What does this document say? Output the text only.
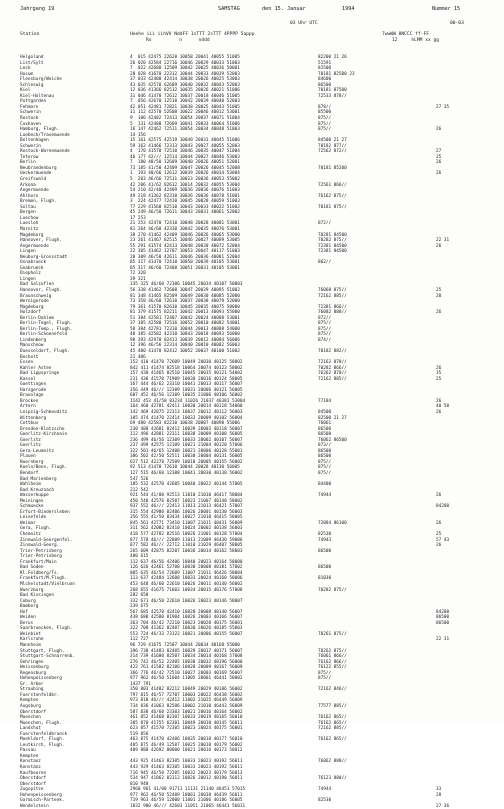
Jahrgang 19	SAMSTAG	den 15. Januar	1994	Nummer 15
03 Uhr UTC	00-03
Station	Hoehe iii iihVV NddFF 1sTTT 2sTTT 4PPPP 5appp
Rx          n      nddd
7wwWW 8NCCC ff-FF
12     hLMM xx gg
Helgoland	4  015 42475 22620 10058 20041 40055 51005	82200 21 26
List/Sylt	26 020 42584 22716 10046 20029 40033 51003	51591
Leck	7  022 42680 12509 10042 20025 40036 50001	81500
Husum	28 028 41670 22312 10044 20033 40039 52003	70181 82500 23
Flensburg/Weiche	37 033 42480 42414 10038 20026 40025 53003	84600
Schleswig	43 035 42570 62609 10040 20032 40043 52003	86500
Kiel	12 036 41366 82512 10035 20026 40021 51006	70181 87500
Kiel-Holtenau	31 046 41470 72612 10037 20018 40046 51005	72533 878//
Puttgarden	7  056 42670 12510 10042 20039 40040 52003
Fehmarn	42 051 42481 72821 10038 20025 40043 51005	878//	27 35
Schwerin	11 112 42570 52608 10022 20046 40012 53001	85500
Rostock	9  106 42482 72413 10054 20037 40071 51004	875//
Cuxhaven	5  131 42480 72609 10041 20033 40064 51006	875//
Hamburg, Flugh.	16 147 42462 72511 10054 20034 40048 51003	875//	26
Luebeck/Travemuende	14 156
Boltenhagen	15 161 42575 42519 10049 20031 40045 51006	84500 21 27
Schwerin	59 162 41466 72313 10043 20027 40055 52003	70182 877//
Rostock-Warnemuende	4  170 41570 72510 10046 20035 40047 51004	72562 872//	27
Teterow	46 177 42/// 12514 10044 20027 40046 53003	25
Berlin	7  180 48/50 12609 10040 20026 40051 52001	26
Neubrandenburg	73 185 41/50 42409 10047 20026 40045 52008	70181 85200
Ueckermuende	1  193 40/66 12612 10039 20026 40034 53004	26
Greifswald	5  203 46/66 72511 10023 20036 40053 55002
Arkona	42 206 41/62 82612 10014 20032 40055 53004	72561 866//
Angermuende	54 210 42/40 42409 10036 20036 40076 51003
Ahlhorn	49 218 41362 82310 10036 20036 40078 51001	76162 875//
Bremen, Flugh.	3  224 42477 72410 10045 20028 40059 51003
Soltau	77 229 41560 82510 10043 20033 40022 51002	70181 875//
Bergen	45 249 46/50 72611 10043 20031 40061 52002
Luechow	17 253
Luesloh	21 253 42470 72410 10048 20028 40081 53001	872//
Marnitz	81 264 46/60 42310 10042 20035 40076 53001
Magdeburg	38 270 41462 42409 10046 20026 40065 53000	70281 84500
Hannover, Flugh.	23 261 41467 82515 10046 20027 40089 53005	70282 875//	22 31
Angermuende	55 291 41574 42413 10048 20030 40072 52004	72381 84500	26
Lingen	22 305 41462 12707 10053 20047 40117 51003	72381 84500
Neuburg-Grossstadt	20 309 46/50 42611 10046 20036 40081 52004
Osnabrueck	85 317 41470 72410 10050 20039 40105 53001	862//
Gnabrueck	85 317 46/60 72408 10051 20031 40105 53001
Diepholz	72 320
Lingen	39 321
Bad Salzuflen	135 325 46/60 72306 10045 20034 40107 50003
Hannover, Flugh.	56 338 41462 72608 10047 20029 40095 51002	76068 875//	25
Braunschweig	81 348 41465 82509 10049 20030 40085 52000	72162 885//	20
Wernigerode	73 358 46/60 72610 10037 20038 40079 52000
Magdeburg	79 361 41570 82610 10045 20035 40075 50000	72381 866//
Holzdorf	81 379 41575 82211 10042 20013 40093 55000	76082 888//	26
Berlin-Dahlem	51 384 42581 72407 10042 20024 40088 53001	872//
Berlin-Tegel, Flugh.	37 385 42580 72516 10052 20010 40082 54001	875//
Berlin-Temp., Flugh.	50 384 42781 72310 10044 20013 40088 54000	875//
Berlin-Schoenefeld	48 385 42582 42310 10043 20018 40093 56000	875//
Lindenberg	98 393 42970 02413 10039 20012 40084 56006	874//
Manschnow	12 396 46/56 22314 10040 20010 40082 56003
Duesseldorf, Flugh.	45 400 41470 82412 10052 20037 40100 51002	70182 882//
Bocholt	21 406
Essen	152 410 41470 72609 10049 20030 40125 58002	72162 878//
Kahler Asten	842 411 41474 82518 10064 20074 40123 58002	70282 866//	26
Bad Lippspringe	157 430 41465 82510 10045 20035 40121 54002	76262 878//	35
Kassel	231 438 41570 71909 10030 20016 40124 58005	72162 885//	25
Goettingen	167 444 46/62 23310 10041 20013 40117 56007
Harzgerode	356 449 46/// 12309 10031 20006 40121 56005
Braunlage	607 452 46/56 12309 10035 21006 40106 56002
Brocken	1142 453 41/50 83234 11026 21037 46381 53004	77184	26
Artern	164 460 42781 42411 10030 20014 40118 54000	40 50
Leipzig-Schkeuditz	142 469 42875 22313 10037 20012 40112 56003	84500	26
Wittenberg	105 474 41470 22414 10033 20009 40102 56004	82500 21 27
Cottbus	69 480 42583 82210 10038 20007 40098 55006	76061
Dresden-Klotzsche	230 488 42681 82412 10039 20003 40118 56007	86500
Goerlitz-Kirchnain	112 496 42881 22311 10038 20009 40108 56005	86500
Goerlitz	236 499 46/56 12309 10033 20002 40107 56007	76062 86500
Goerlitz	237 499 42575 12109 10021 21004 40120 57006	873//
Gera-Leumnitz	322 501 46/65 12408 10021 20006 40128 55001	86500
Plauen	386 502 42/50 52511 10030 20004 40131 56005	86500
Nuernberg	627 512 42278 72509 10010 20005 40155 56002	875//
Koeln/Bonn, Flugh.	92 513 41470 72610 10044 20028 40130 56005	875//
Bendorf	127 515 46/60 12308 10041 20030 40130 56002	875//
Bad Marienberg	547 526
Wahlheim	185 532 42570 42605 10040 20022 40144 57005	84400
Bad Kreuznach	212 542
Wasserkuppe	921 544 41/00 92513 11010 21010 46417 58004	74944	26
Meiningen	450 548 42576 82507 10023 21007 40140 58002
Schmuecke	937 552 46/// 22413 11013 21013 46421 57007	84200
Erfurt-Bindersleben	315 554 42980 02406 10026 20001 40130 56003
Leinefelde	356 555 41/50 83434 10027 21010 46415 58005
Weimar	845 561 42771 73410 11007 21011 40431 56009	72884 86100	26
Gera, Flugh.	311 562 42082 82410 10024 20002 40138 56003
Chemnitz	418 577 42782 82516 10026 21001 40128 57004	82530	25
Zinnwald-Georgenfel.	877 578 46/// 22809 11013 21009 46430 59006	74943	57 43
Zinnwald-Georg.	877 582 46/// 22712 11010 21029 46407 58005	26
Trier-Petrisberg	265 609 42875 82207 10036 20014 40162 58003	86500
Trier-Petrisberg	480 615
Frankfurt/Main	112 637 46/56 42406 10040 20023 40164 58000
Bad Soden	126 626 42461 52708 10030 20008 40181 57002	86500
Kl.Feldberg/Ts.	805 635 46/54 72609 11007 21011 46426 58004
Frankfurt/M.Flugh.	113 637 42484 12608 10033 20024 40160 58006	81030
Mlchelstadt/Vielbrunn	453 648 46/60 22610 10026 20011 40140 56002
Wuerzburg	268 655 41675 71603 10034 20015 40176 57008	70282 875//
Bad Kissingen	282 658
Coburg	332 671 46/50 22610 10026 20023 40146 58007
Bamberg	239 675
Hof	567 685 42570 42410 10020 20008 40140 56007	84200
Weiden	438 688 42580 81904 10026 20003 40166 56007	86500
Berus	363 704 46/42 72210 10023 20020 40175 56001	86500
Saarbruecken, Flugh.	322 708 41362 82407 10030 20026 40185 55003
Weinbiet	553 724 46/33 73122 10021 20006 40155 56007	70261 875//
Karlsruhe	112 727	22 31
Mannheim	96 729 41675 72507 10044 20034 40168 55000
Stuttgart, Flugh.	396 738 41483 82405 10029 20017 40171 56007	70262 875//
Stuttgart-Schnarrenb.	314 739 41680 82507 10034 20014 40168 57008	76061 866//
Oehringen	276 742 46/52 22405 10038 20032 40196 56000	76162 866//
Weissenburg	422 761 41582 82106 10028 20009 40167 56009	76122 855//
Regensburg	366 776 46/42 72510 10027 20003 40169 56007	875//
Hohenpeissenberg	977 962 46/50 51604 11005 20001 46441 58002	875//
Gr. Arber	1437 791
Straubing	350 803 41482 82212 10049 20029 40186 56002	72162 846//
Fuerstenfeldbr.	797 815 46/57 72707 10003 20022 46438 56002
Kempten	973 818 46/// 42412 11002 21025 46449 56009
Augsburg	734 836 41063 82506 10002 21010 46443 56009	77577 885//
Oberstdorf	587 838 46/60 23303 10021 20016 40164 56002
Muenchen	461 852 41468 82307 10033 20019 40165 56010	76162 865//
Muenchen, Flugh.	385 870 41755 62301 10049 20010 40145 56011	76162 865//
Landshut	623 857 41570 72305 10023 20024 40175 56001	72162 885//
Fuerstenfeldbrueck	519 856
Muehldorf, Flugh.	463 875 41470 42406 10035 20018 40177 56010	76162 865//
Leutkirch, Flugh.	405 875 46/49 12507 10025 20010 40179 56002
Passau	409 880 42692 80000 10021 20016 40173 58012
Kempten
Konstanz	443 925 41463 82305 10033 20023 40192 56011	76062 888//
Konstanz	443 929 41463 82305 10033 20023 40192 56011
Kaufbeuren	716 945 46/50 72205 10032 20023 40179 56013
Oberstdorf	534 947 41862 82312 10026 20012 40190 56011	76123 880//
Oberstdorf	810 948
Zugspitze	2960 961 41/00 91711 11131 21140 46451 57015	74944	33
Hohenpeissenberg	977 962 46/50 52409 10001 20038 46439 56011	28
Garmisch-Partenk.	719 963 46/59 12000 11001 21006 40186 56005	82530
Wendelstein	1832 980 46/// 42603 11051 21065 46441 56011	27 36
